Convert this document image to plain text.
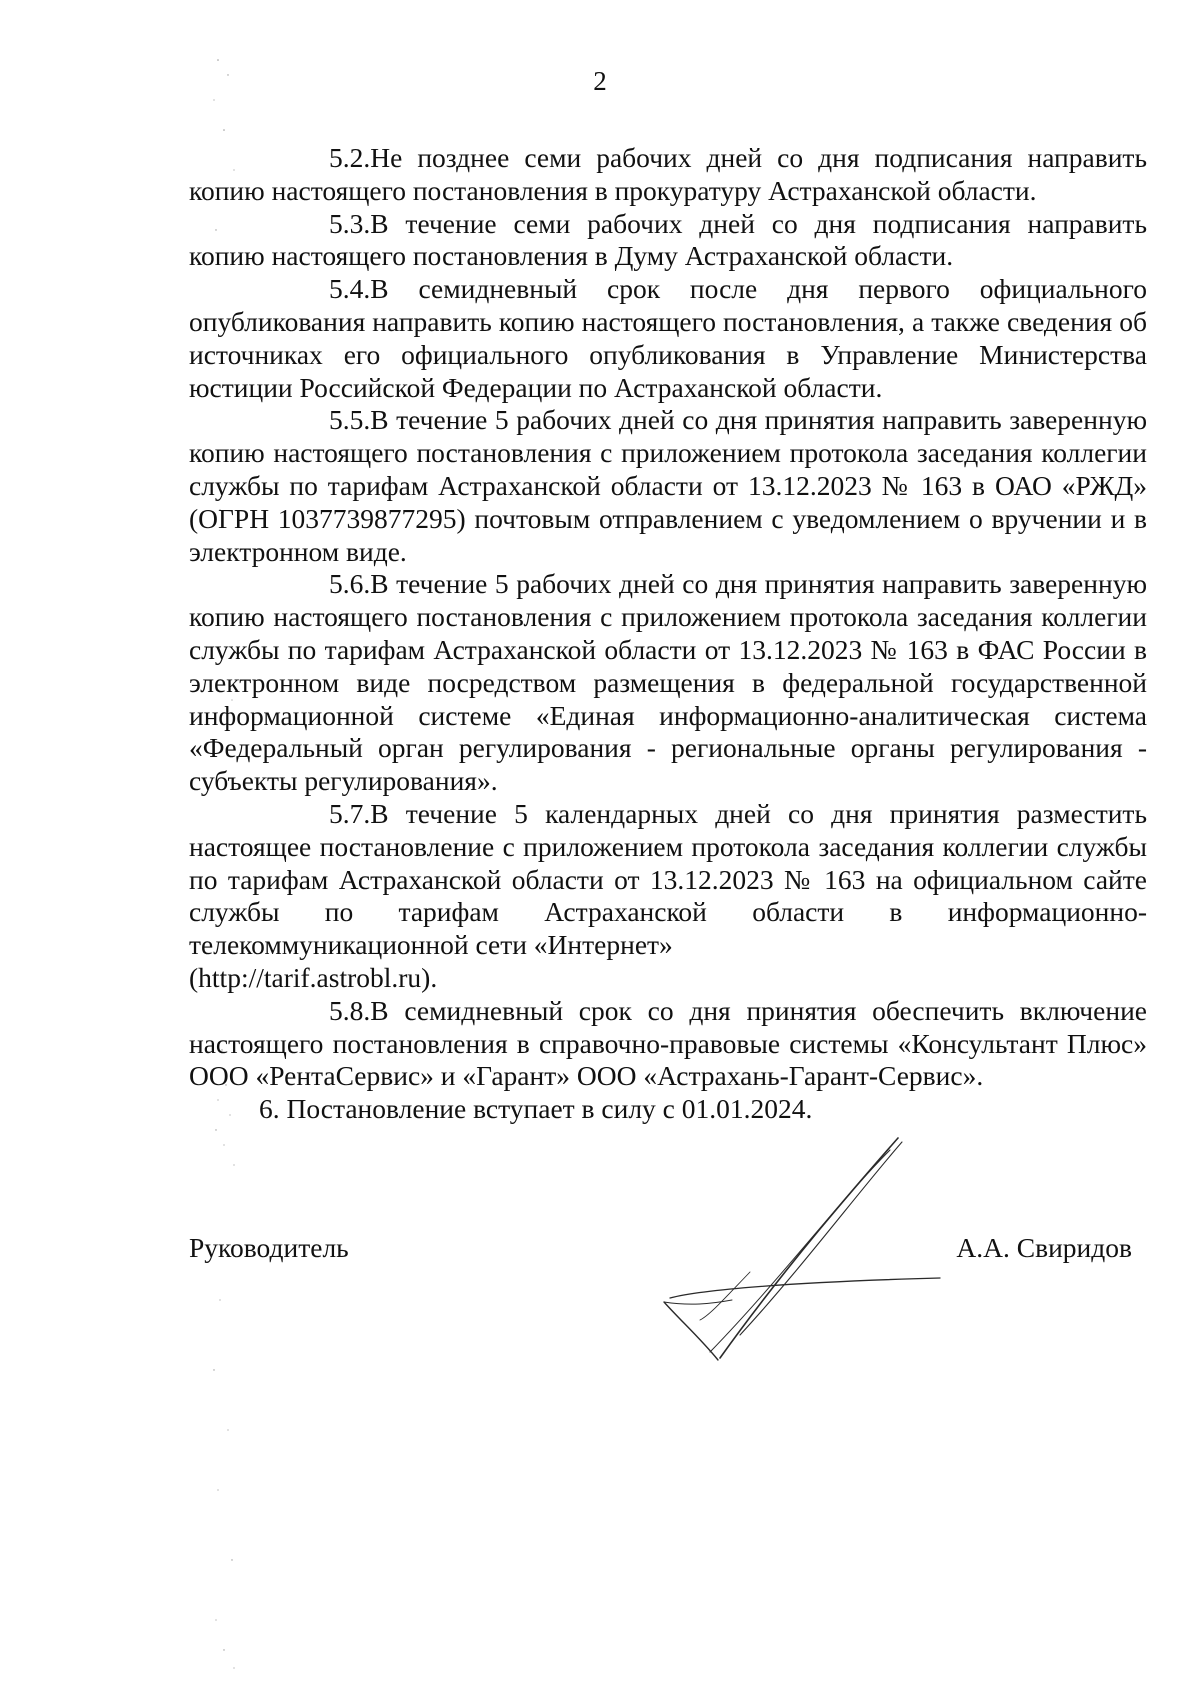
2

5.2.Не позднее семи рабочих дней со дня подписания направить копию настоящего постановления в прокуратуру Астраханской области.

5.3.В течение семи рабочих дней со дня подписания направить копию настоящего постановления в Думу Астраханской области.

5.4.В семидневный срок после дня первого официального опубликования направить копию настоящего постановления, а также сведения об источниках его официального опубликования в Управление Министерства юстиции Российской Федерации по Астраханской области.

5.5.В течение 5 рабочих дней со дня принятия направить заверенную копию настоящего постановления с приложением протокола заседания коллегии службы по тарифам Астраханской области от 13.12.2023 № 163 в ОАО «РЖД» (ОГРН 1037739877295) почтовым отправлением с уведомлением о вручении и в электронном виде.

5.6.В течение 5 рабочих дней со дня принятия направить заверенную копию настоящего постановления с приложением протокола заседания коллегии службы по тарифам Астраханской области от 13.12.2023 № 163 в ФАС России в электронном виде посредством размещения в федеральной государственной информационной системе «Единая информационно-аналитическая система «Федеральный орган регулирования - региональные органы регулирования - субъекты регулирования».

5.7.В течение 5 календарных дней со дня принятия разместить настоящее постановление с приложением протокола заседания коллегии службы по тарифам Астраханской области от 13.12.2023 № 163 на официальном сайте службы по тарифам Астраханской области в информационно-телекоммуникационной сети «Интернет»

(http://tarif.astrobl.ru).

5.8.В семидневный срок со дня принятия обеспечить включение настоящего постановления в справочно-правовые системы «Консультант Плюс» ООО «РентаСервис» и «Гарант» ООО «Астрахань-Гарант-Сервис».

6. Постановление вступает в силу с 01.01.2024.

Руководитель	А.А. Свиридов
